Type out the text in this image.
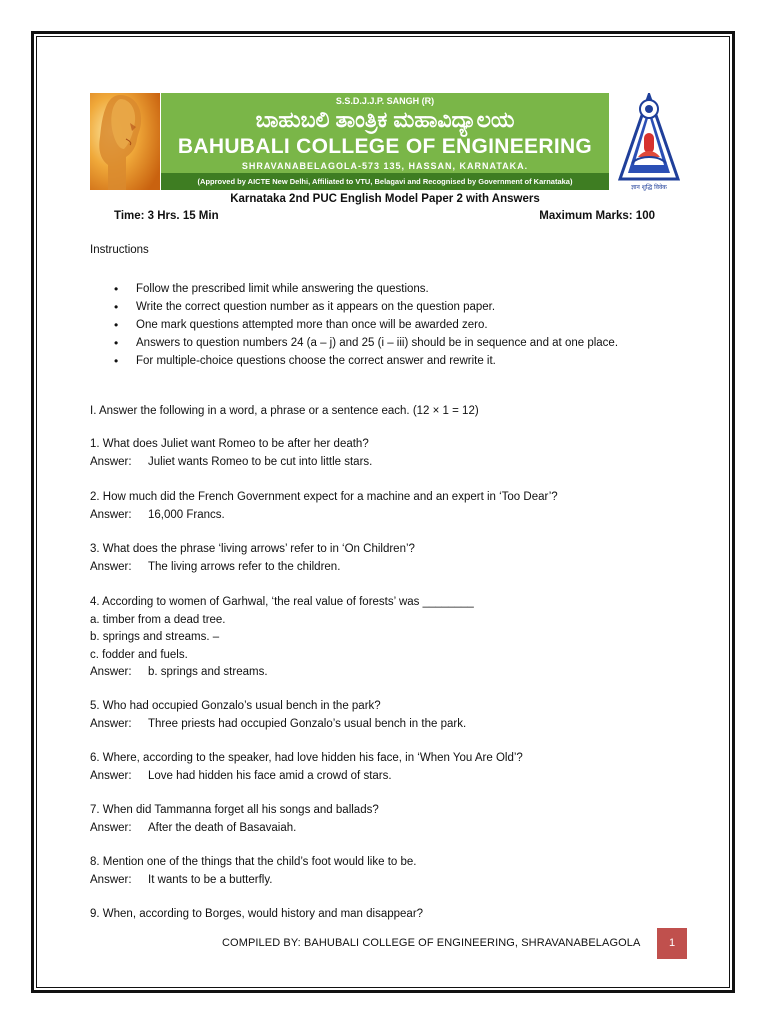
S.S.D.J.J.P. SANGH (R)
ಬಾಹುಬಲಿ ತಾಂತ್ರಿಕ ಮಹಾವಿದ್ಯಾಲಯ
BAHUBALI COLLEGE OF ENGINEERING
SHRAVANABELAGOLA-573 135, HASSAN, KARNATAKA.
(Approved by AICTE New Delhi, Affiliated to VTU, Belagavi and Recognised by Government of Karnataka)
ज्ञान शुद्धि विवेक
Karnataka 2nd PUC English Model Paper 2 with Answers
Time: 3 Hrs. 15 Min	Maximum Marks: 100
Instructions
• Follow the prescribed limit while answering the questions.
• Write the correct question number as it appears on the question paper.
• One mark questions attempted more than once will be awarded zero.
• Answers to question numbers 24 (a – j) and 25 (i – iii) should be in sequence and at one place.
• For multiple-choice questions choose the correct answer and rewrite it.
I. Answer the following in a word, a phrase or a sentence each. (12 × 1 = 12)
1. What does Juliet want Romeo to be after her death?
Answer: Juliet wants Romeo to be cut into little stars.
2. How much did the French Government expect for a machine and an expert in ‘Too Dear’?
Answer: 16,000 Francs.
3. What does the phrase ‘living arrows’ refer to in ‘On Children’?
Answer: The living arrows refer to the children.
4. According to women of Garhwal, ‘the real value of forests’ was ________
a. timber from a dead tree.
b. springs and streams. –
c. fodder and fuels.
Answer: b. springs and streams.
5. Who had occupied Gonzalo’s usual bench in the park?
Answer: Three priests had occupied Gonzalo’s usual bench in the park.
6. Where, according to the speaker, had love hidden his face, in ‘When You Are Old’?
Answer: Love had hidden his face amid a crowd of stars.
7. When did Tammanna forget all his songs and ballads?
Answer: After the death of Basavaiah.
8. Mention one of the things that the child’s foot would like to be.
Answer: It wants to be a butterfly.
9. When, according to Borges, would history and man disappear?
COMPILED BY: BAHUBALI COLLEGE OF ENGINEERING, SHRAVANABELAGOLA	1
